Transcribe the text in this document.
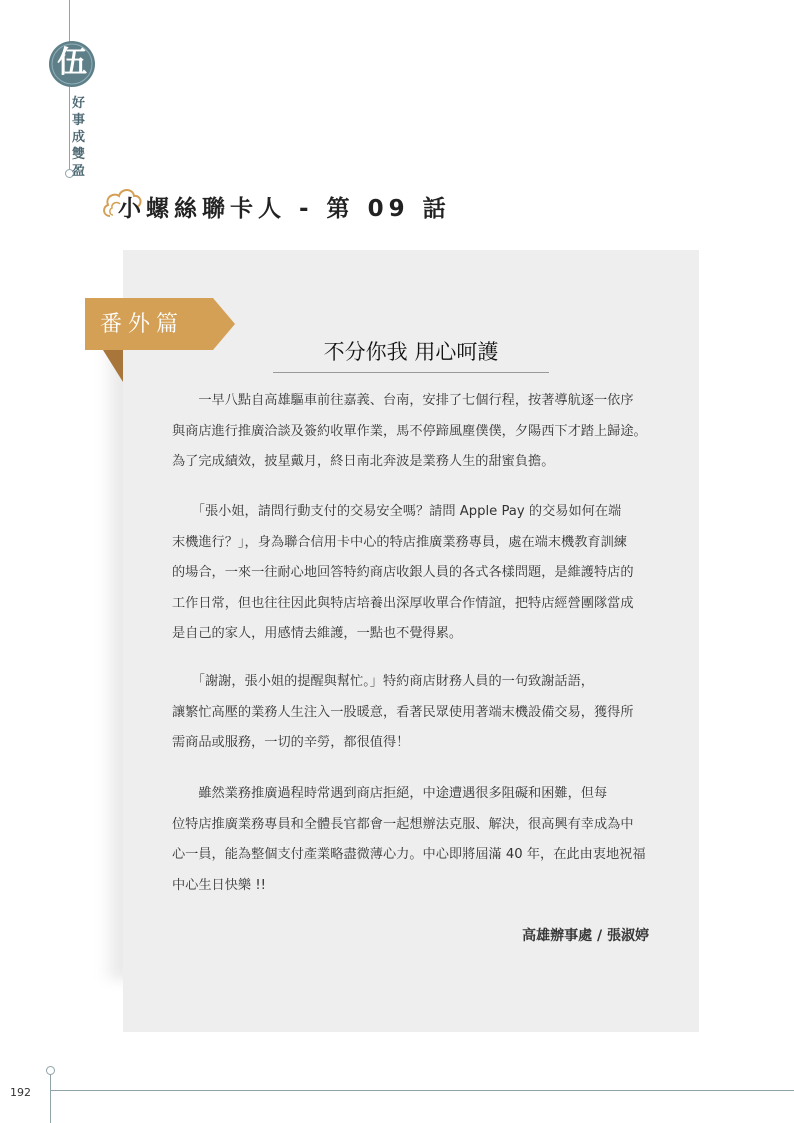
伍
好事成雙盈
小螺絲聯卡人 - 第 09 話
番外篇
不分你我 用心呵護

　　一早八點自高雄驅車前往嘉義、台南，安排了七個行程，按著導航逐一依序
與商店進行推廣洽談及簽約收單作業，馬不停蹄風塵僕僕，夕陽西下才踏上歸途。
為了完成績效，披星戴月，終日南北奔波是業務人生的甜蜜負擔。

　　「張小姐，請問行動支付的交易安全嗎？請問 Apple Pay 的交易如何在端
末機進行？」，身為聯合信用卡中心的特店推廣業務專員，處在端末機教育訓練
的場合，一來一往耐心地回答特約商店收銀人員的各式各樣問題，是維護特店的
工作日常，但也往往因此與特店培養出深厚收單合作情誼，把特店經營團隊當成
是自己的家人，用感情去維護，一點也不覺得累。

　　「謝謝，張小姐的提醒與幫忙。」特約商店財務人員的一句致謝話語，
讓繁忙高壓的業務人生注入一股暖意，看著民眾使用著端末機設備交易，獲得所
需商品或服務，一切的辛勞，都很值得！

　　雖然業務推廣過程時常遇到商店拒絕，中途遭遇很多阻礙和困難，但每
位特店推廣業務專員和全體長官都會一起想辦法克服、解決，很高興有幸成為中
心一員，能為整個支付產業略盡微薄心力。中心即將屆滿 40 年，在此由衷地祝福
中心生日快樂 !!

高雄辦事處 / 張淑婷
192
